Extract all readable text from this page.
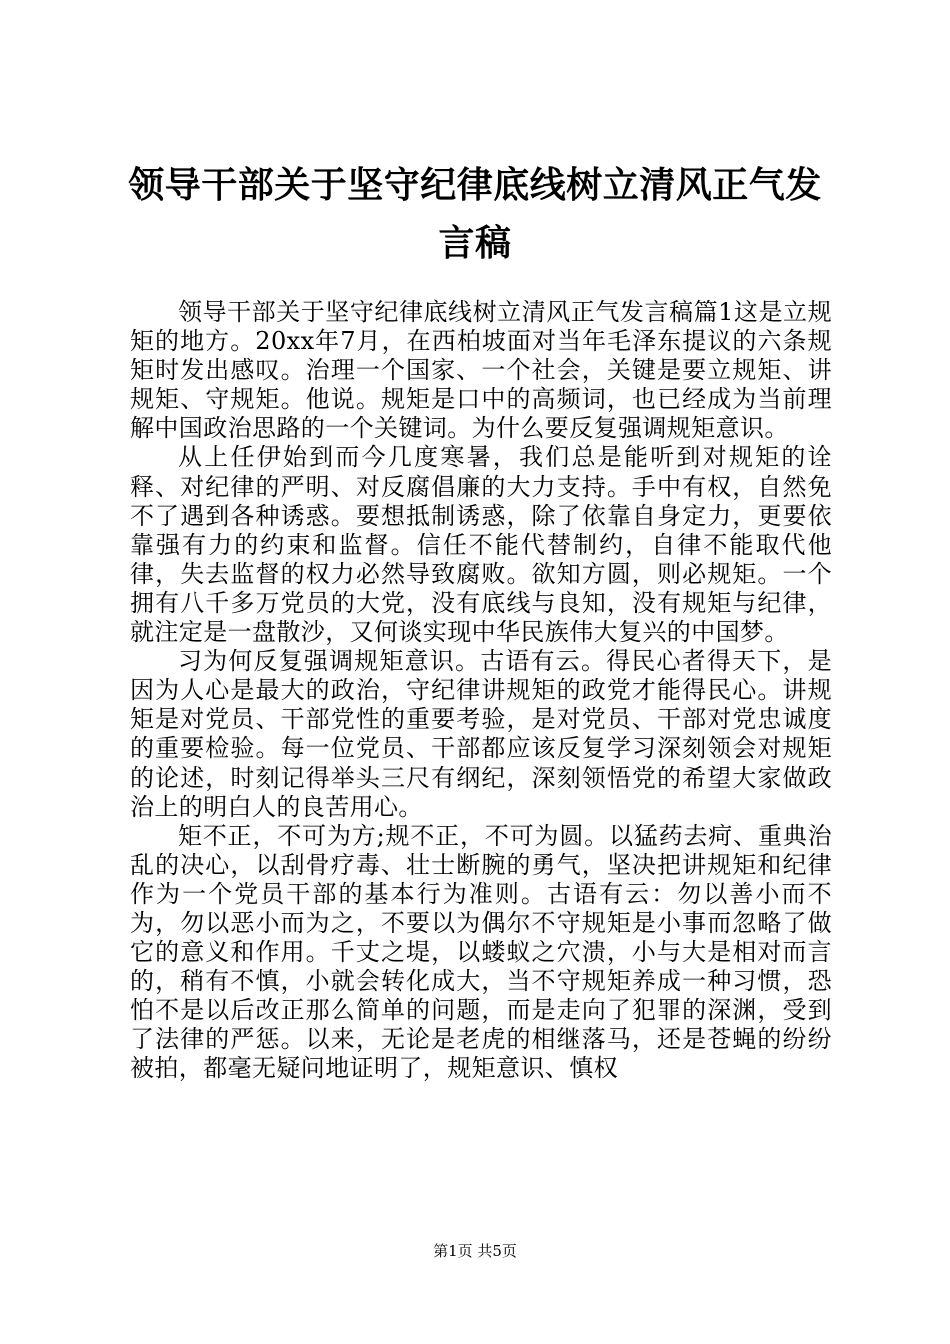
领导干部关于坚守纪律底线树立清风正气发言稿

领导干部关于坚守纪律底线树立清风正气发言稿篇1这是立规矩的地方。20xx年7月，在西柏坡面对当年毛泽东提议的六条规矩时发出感叹。治理一个国家、一个社会，关键是要立规矩、讲规矩、守规矩。他说。规矩是口中的高频词，也已经成为当前理解中国政治思路的一个关键词。为什么要反复强调规矩意识。

从上任伊始到而今几度寒暑，我们总是能听到对规矩的诠释、对纪律的严明、对反腐倡廉的大力支持。手中有权，自然免不了遇到各种诱惑。要想抵制诱惑，除了依靠自身定力，更要依靠强有力的约束和监督。信任不能代替制约，自律不能取代他律，失去监督的权力必然导致腐败。欲知方圆，则必规矩。一个拥有八千多万党员的大党，没有底线与良知，没有规矩与纪律，就注定是一盘散沙，又何谈实现中华民族伟大复兴的中国梦。

习为何反复强调规矩意识。古语有云。得民心者得天下，是因为人心是最大的政治，守纪律讲规矩的政党才能得民心。讲规矩是对党员、干部党性的重要考验，是对党员、干部对党忠诚度的重要检验。每一位党员、干部都应该反复学习深刻领会对规矩的论述，时刻记得举头三尺有纲纪，深刻领悟党的希望大家做政治上的明白人的良苦用心。

矩不正，不可为方;规不正，不可为圆。以猛药去疴、重典治乱的决心，以刮骨疗毒、壮士断腕的勇气，坚决把讲规矩和纪律作为一个党员干部的基本行为准则。古语有云：勿以善小而不为，勿以恶小而为之，不要以为偶尔不守规矩是小事而忽略了做它的意义和作用。千丈之堤，以蝼蚁之穴溃，小与大是相对而言的，稍有不慎，小就会转化成大，当不守规矩养成一种习惯，恐怕不是以后改正那么简单的问题，而是走向了犯罪的深渊，受到了法律的严惩。以来，无论是老虎的相继落马，还是苍蝇的纷纷被拍，都毫无疑问地证明了，规矩意识、慎权

第1页 共5页
